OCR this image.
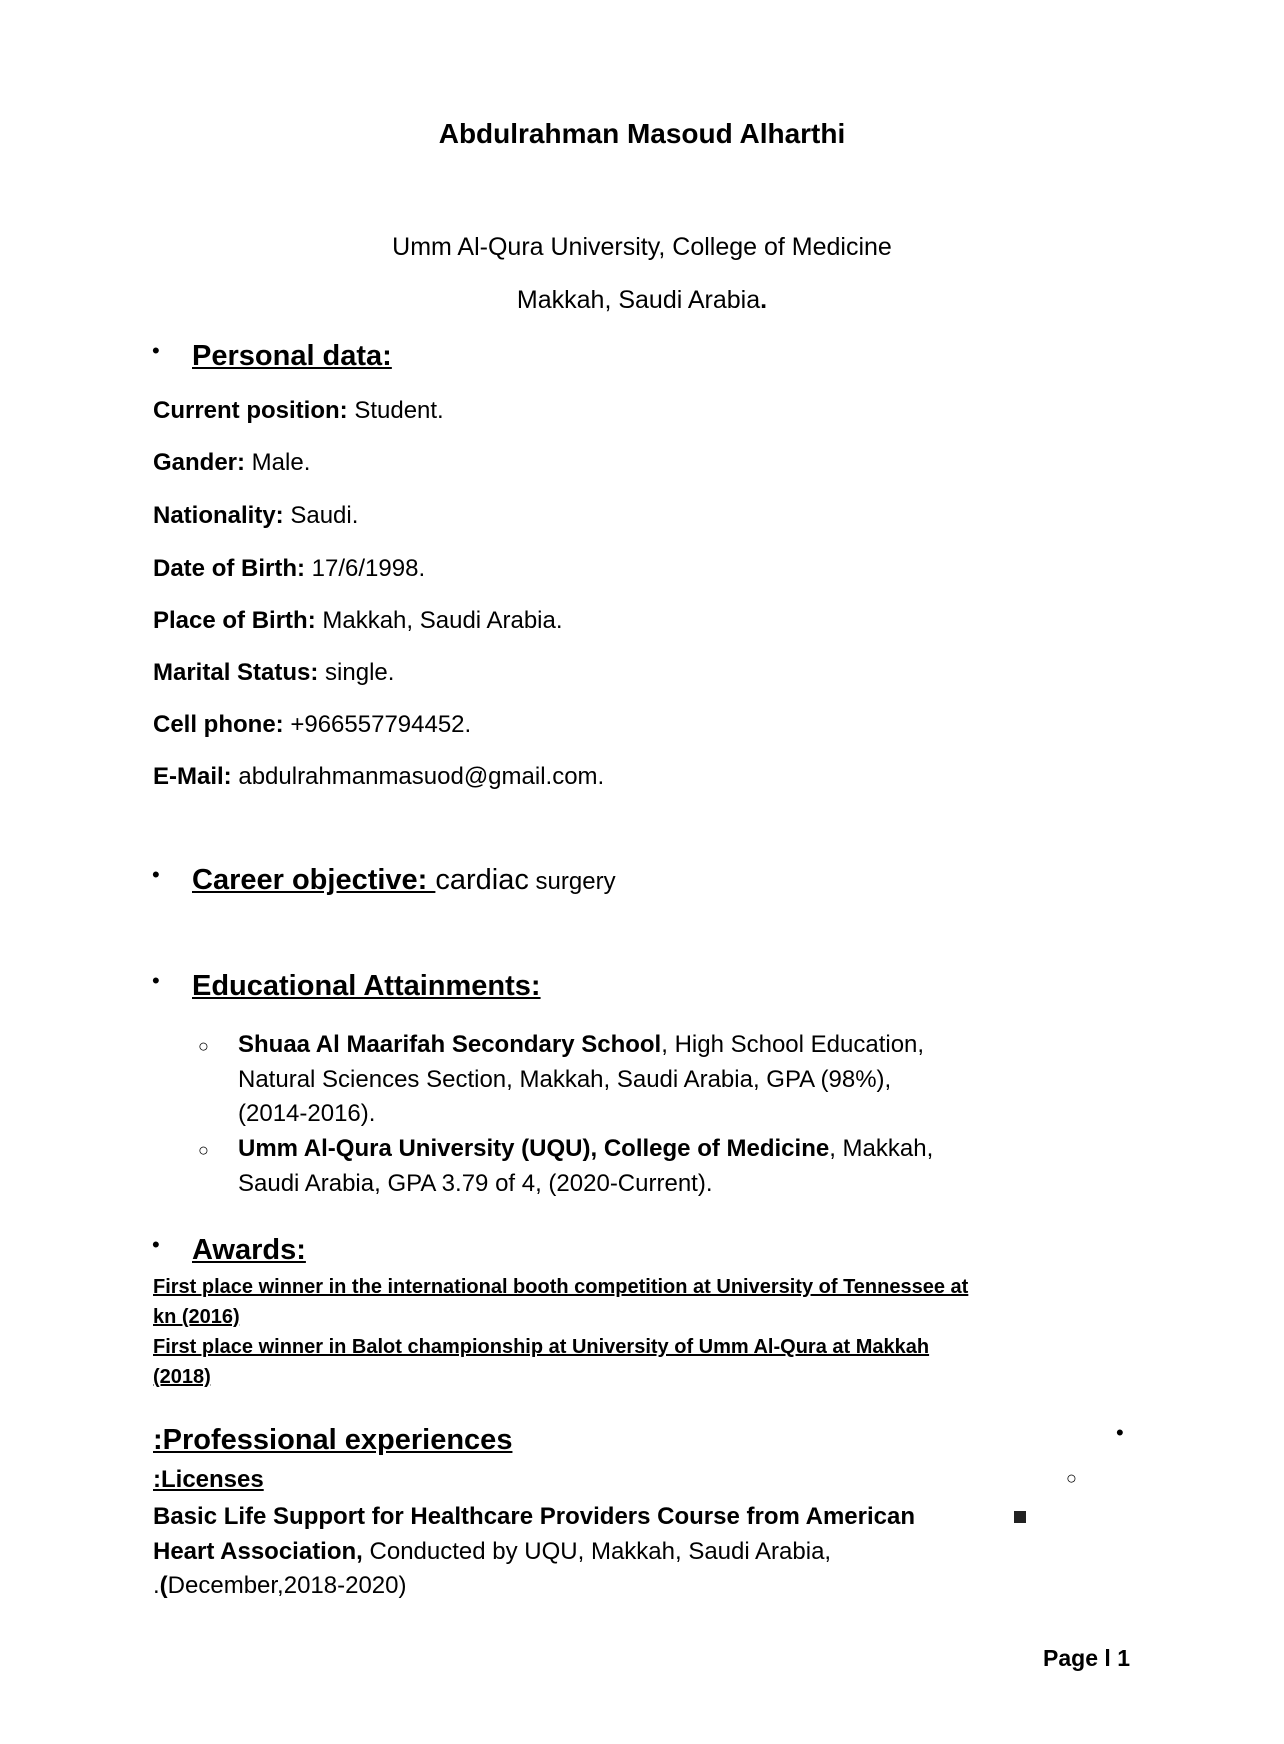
Abdulrahman Masoud Alharthi
Umm Al-Qura University, College of Medicine
Makkah, Saudi Arabia.
• Personal data:
Current position: Student.
Gander: Male.
Nationality: Saudi.
Date of Birth: 17/6/1998.
Place of Birth: Makkah, Saudi Arabia.
Marital Status: single.
Cell phone: +966557794452.
E-Mail: abdulrahmanmasuod@gmail.com.
• Career objective: cardiac surgery
• Educational Attainments:
○ Shuaa Al Maarifah Secondary School, High School Education,
Natural Sciences Section, Makkah, Saudi Arabia, GPA (98%),
(2014-2016).
○ Umm Al-Qura University (UQU), College of Medicine, Makkah,
Saudi Arabia, GPA 3.79 of 4, (2020-Current).
• Awards:
First place winner in the international booth competition at University of Tennessee at
kn (2016)
First place winner in Balot championship at University of Umm Al-Qura at Makkah
(2018)
:Professional experiences	•
:Licenses	○
Basic Life Support for Healthcare Providers Course from American
Heart Association, Conducted by UQU, Makkah, Saudi Arabia,
.(December,2018-2020)
Page l 1
